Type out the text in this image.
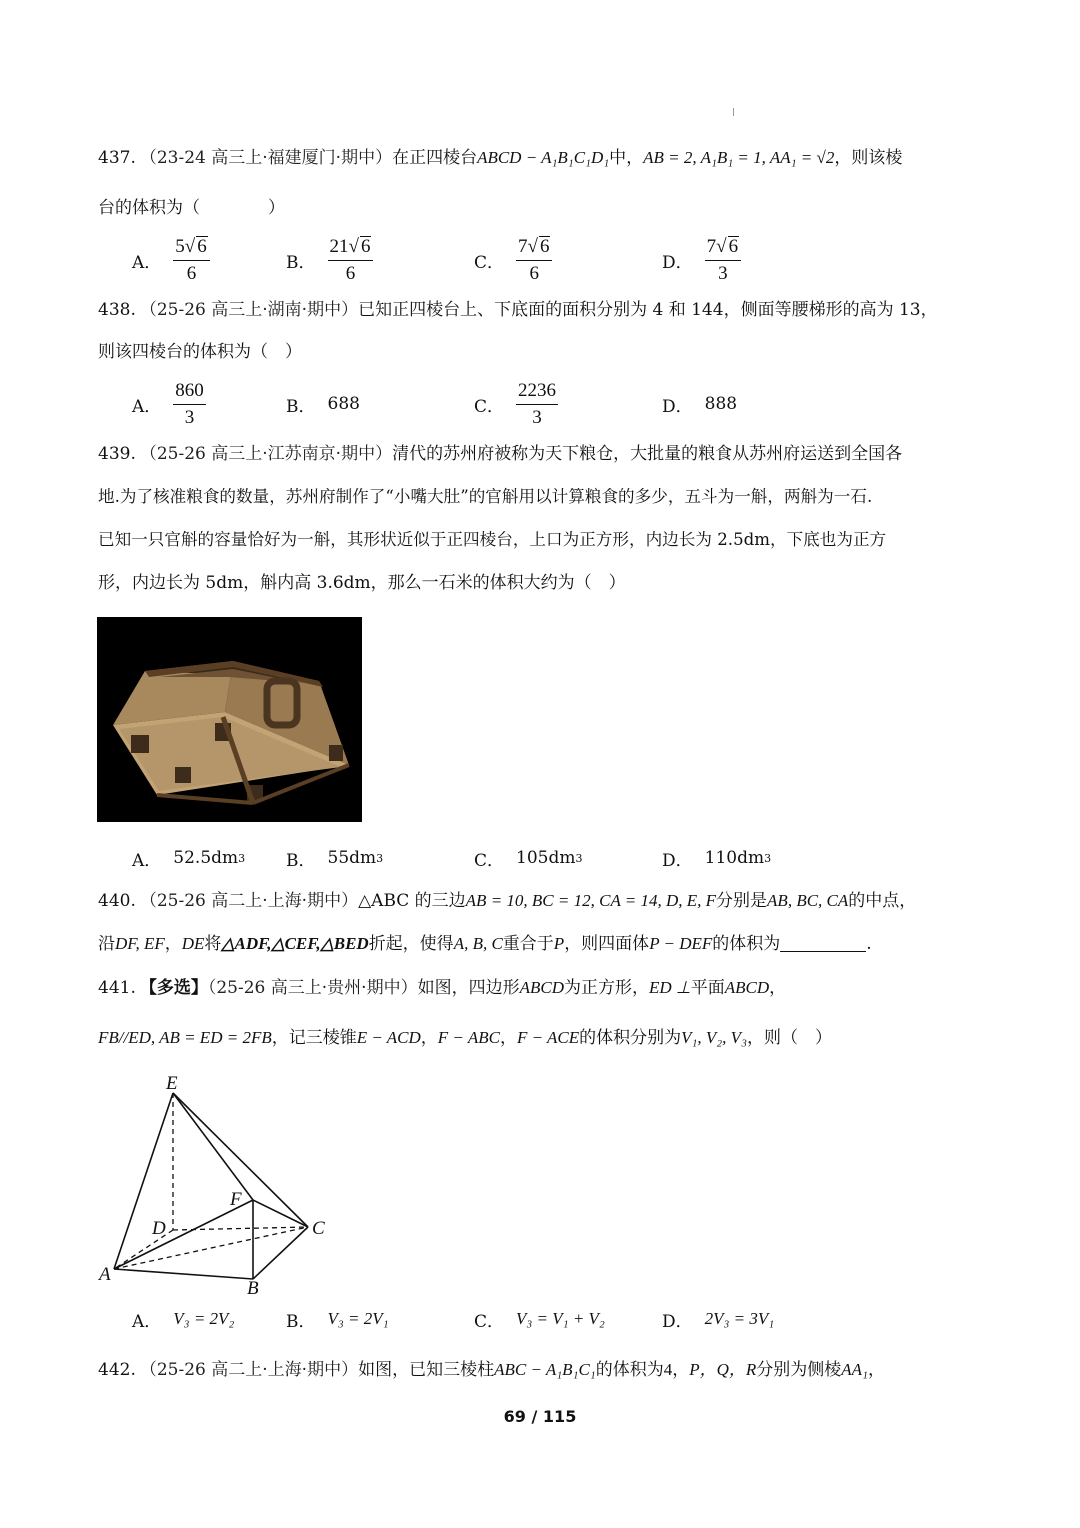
437. （23-24 高三上·福建厦门·期中）在正四棱台ABCD − A₁B₁C₁D₁中，AB = 2, A₁B₁ = 1, AA₁ = √2，则该棱
台的体积为（　　　　）
A． $\frac{5√ 6}{6}$	B． $\frac{21√ 6}{6}$	C． $\frac{7√ 6}{6}$	D． $\frac{7√ 6}{3}$
438. （25-26 高三上·湖南·期中）已知正四棱台上、下底面的面积分别为 4 和 144，侧面等腰梯形的高为 13，
则该四棱台的体积为（　）
A． $\frac{860}{3}$	B． 688	C． $\frac{2236}{3}$	D． 888
439. （25-26 高三上·江苏南京·期中）清代的苏州府被称为天下粮仓，大批量的粮食从苏州府运送到全国各
地.为了核准粮食的数量，苏州府制作了“小嘴大肚”的官斛用以计算粮食的多少，五斗为一斛，两斛为一石.
已知一只官斛的容量恰好为一斛，其形状近似于正四棱台，上口为正方形，内边长为 2.5dm，下底也为正方
形，内边长为 5dm，斛内高 3.6dm，那么一石米的体积大约为（　）
A． 52.5dm 3 B． 55dm 3	C． 105dm 3	D． 110dm 3
440. （25-26 高二上·上海·期中）△ABC 的三边AB = 10, BC = 12, CA = 14, D, E, F分别是AB, BC, CA的中点，
沿DF, EF，DE将△ADF,△CEF,△BED折起，使得A, B, C重合于P，则四面体P − DEF的体积为	.
441. 【多选】（25-26 高三上·贵州·期中）如图，四边形ABCD为正方形，ED ⊥平面ABCD，
FB//ED, AB = ED = 2FB，记三棱锥E − ACD，F − ABC，F − ACE的体积分别为V₁, V₂, V₃，则（　）
E
F
D	C
A
B
A． V₃ = 2V₂	B． V₃ = 2V₁	C． V₃ = V₁ + V₂	D． 2V₃ = 3V₁
442. （25-26 高二上·上海·期中）如图，已知三棱柱ABC − A₁B₁C₁的体积为4，P，Q，R分别为侧棱AA₁，
69 / 115
